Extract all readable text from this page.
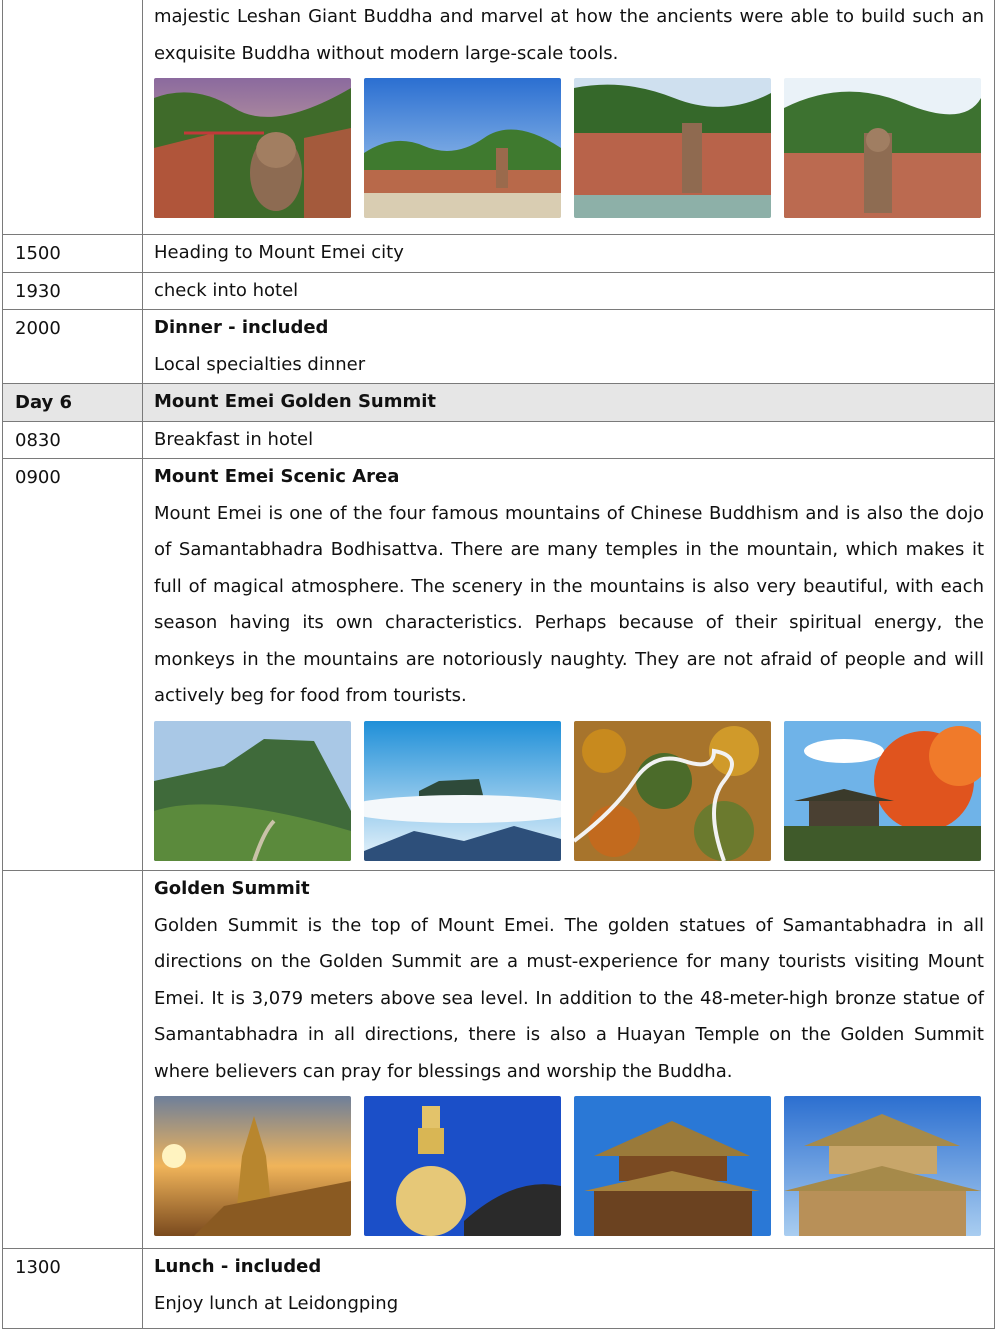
	majestic Leshan Giant Buddha and marvel at how the ancients were able to build such an exquisite Buddha without modern large-scale tools.

1500	Heading to Mount Emei city

1930	check into hotel

2000	Dinner - included
Local specialties dinner

Day 6	Mount Emei Golden Summit

0830	Breakfast in hotel

0900	Mount Emei Scenic Area
Mount Emei is one of the four famous mountains of Chinese Buddhism and is also the dojo of Samantabhadra Bodhisattva. There are many temples in the mountain, which makes it full of magical atmosphere. The scenery in the mountains is also very beautiful, with each season having its own characteristics. Perhaps because of their spiritual energy, the monkeys in the mountains are notoriously naughty. They are not afraid of people and will actively beg for food from tourists.

	Golden Summit
Golden Summit is the top of Mount Emei. The golden statues of Samantabhadra in all directions on the Golden Summit are a must-experience for many tourists visiting Mount Emei. It is 3,079 meters above sea level. In addition to the 48-meter-high bronze statue of Samantabhadra in all directions, there is also a Huayan Temple on the Golden Summit where believers can pray for blessings and worship the Buddha.

1300	Lunch - included
Enjoy lunch at Leidongping
